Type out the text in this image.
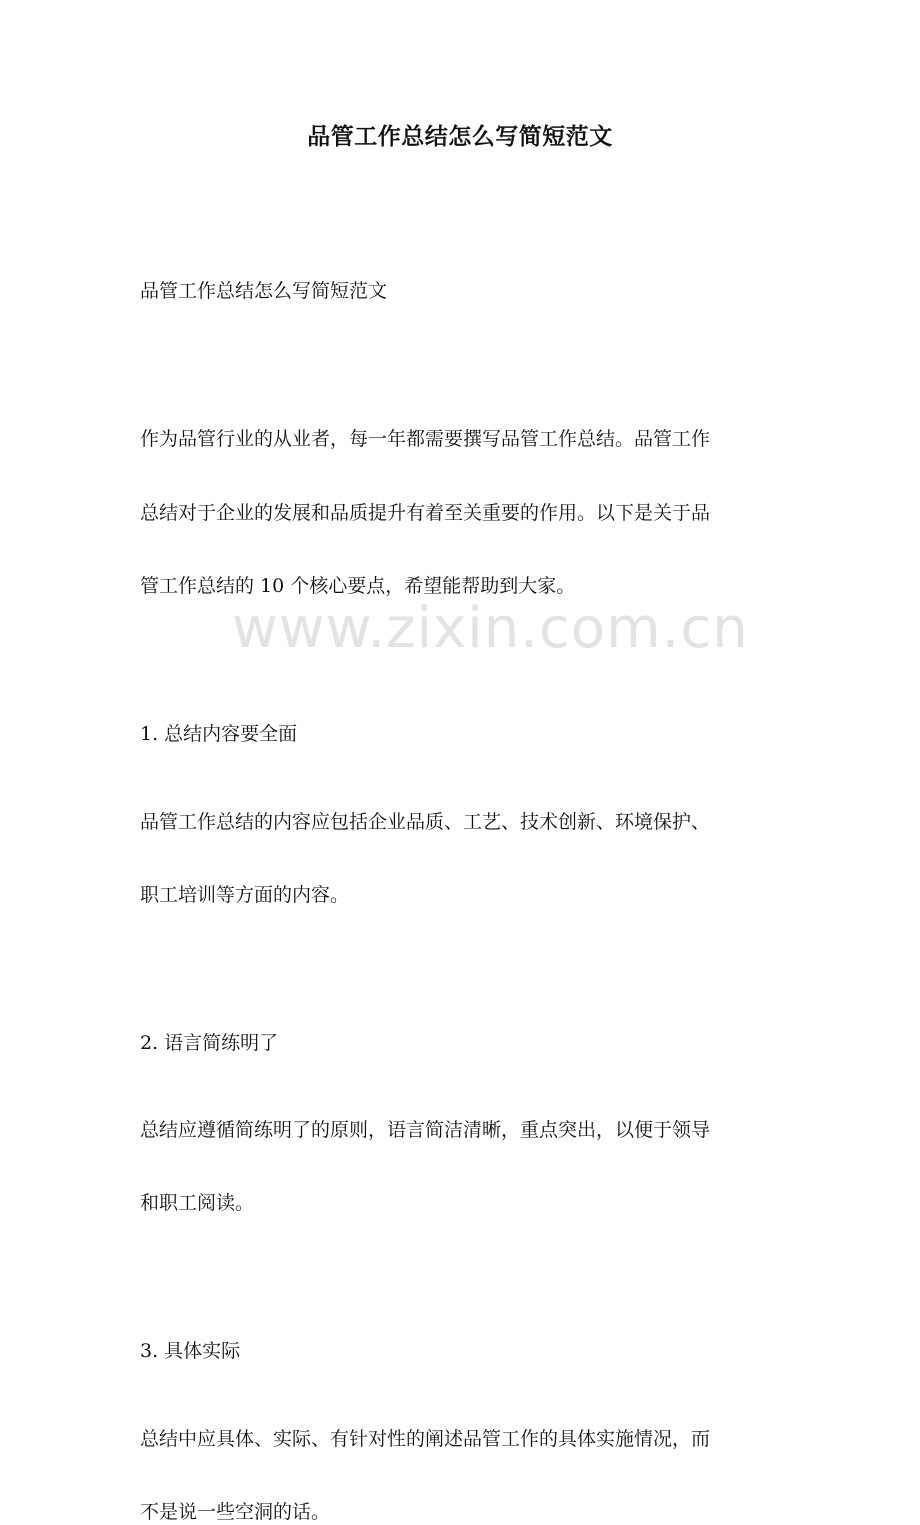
www.zixin.com.cn
品管工作总结怎么写简短范文

品管工作总结怎么写简短范文

作为品管行业的从业者，每一年都需要撰写品管工作总结。品管工作

总结对于企业的发展和品质提升有着至关重要的作用。以下是关于品

管工作总结的 10 个核心要点，希望能帮助到大家。

1. 总结内容要全面

品管工作总结的内容应包括企业品质、工艺、技术创新、环境保护、

职工培训等方面的内容。

2. 语言简练明了

总结应遵循简练明了的原则，语言简洁清晰，重点突出，以便于领导

和职工阅读。

3. 具体实际

总结中应具体、实际、有针对性的阐述品管工作的具体实施情况，而

不是说一些空洞的话。
